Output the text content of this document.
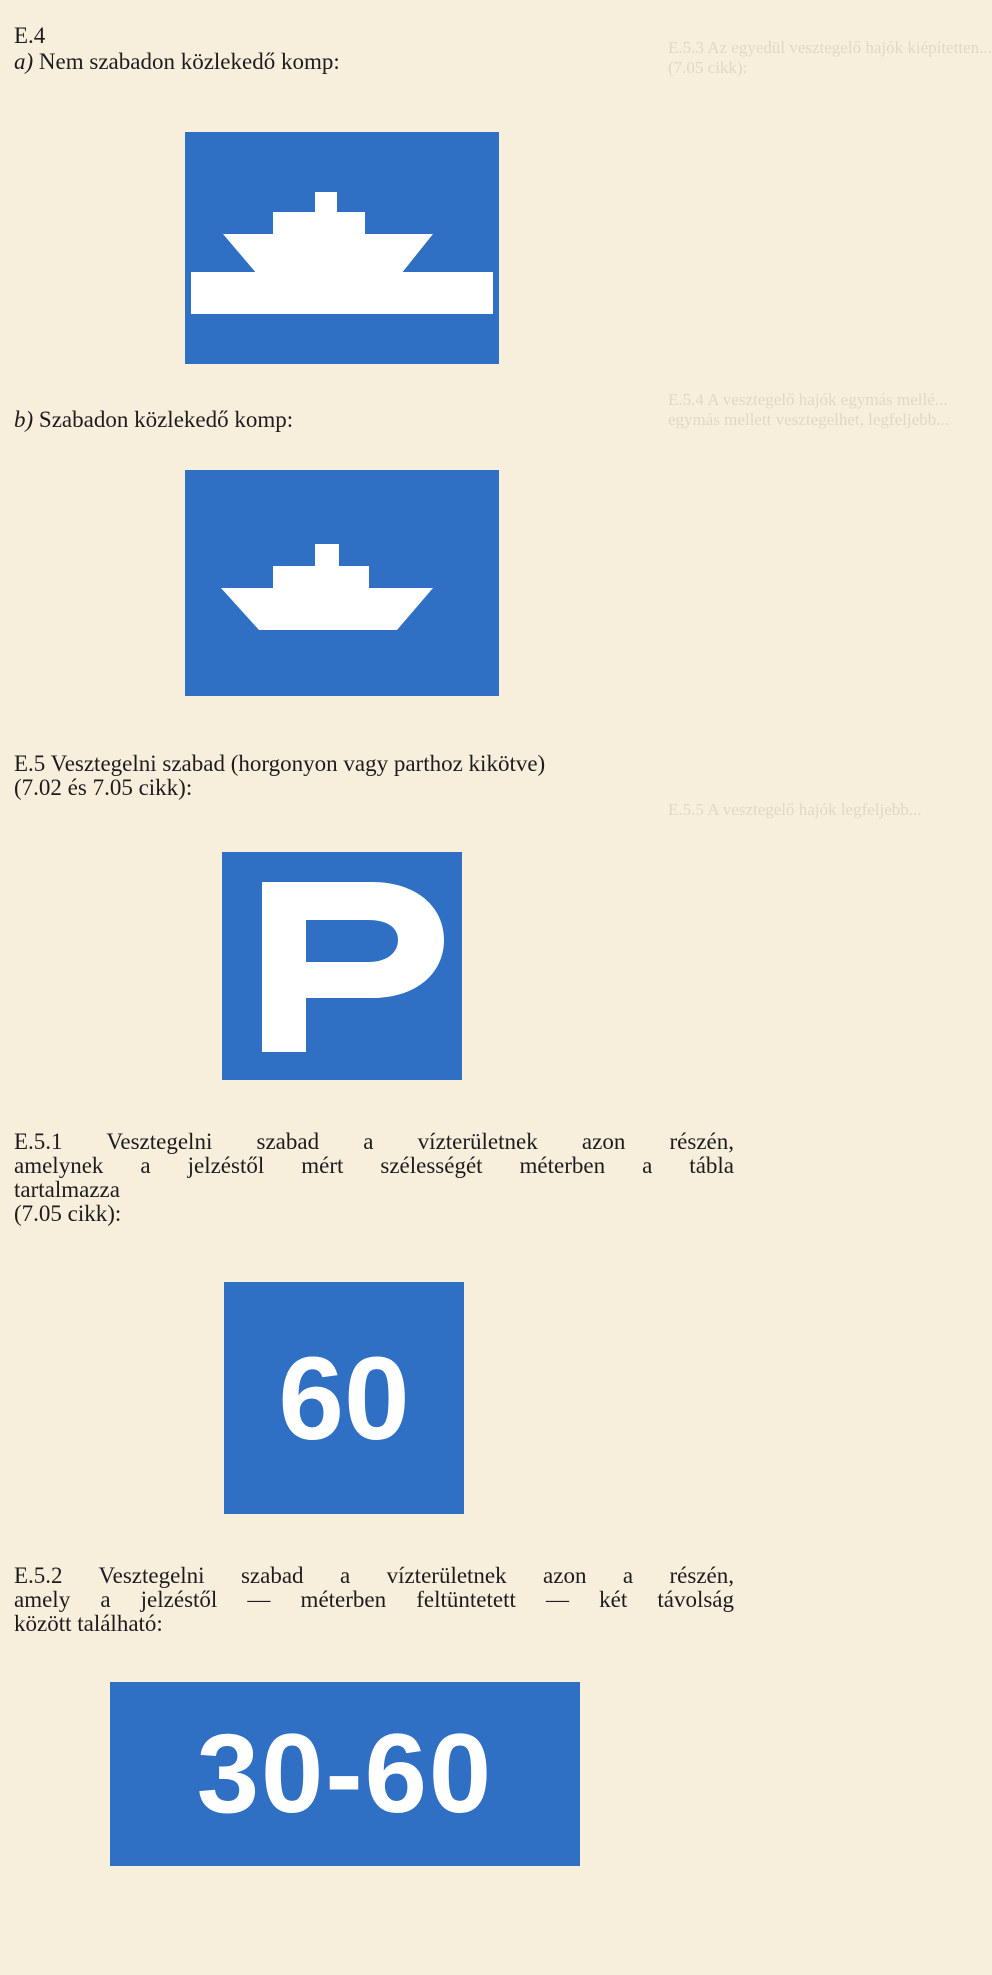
E.5.3 Az egyedül vesztegelő hajók kiépítetten...
(7.05 cikk):
E.4
a) Nem szabadon közlekedő komp:
b) Szabadon közlekedő komp:
E.5.4 A vesztegelő hajók egymás mellé...
egymás mellett vesztegelhet, legfeljebb...
E.5 Vesztegelni szabad (horgonyon vagy parthoz kikötve)
(7.02 és 7.05 cikk):
E.5.5 A vesztegelő hajók legfeljebb...
E.5.1 Vesztegelni szabad a vízterületnek azon részén,
amelynek a jelzéstől mért szélességét méterben a tábla
tartalmazza
(7.05 cikk):
60
E.5.2 Vesztegelni szabad a vízterületnek azon a részén,
amely a jelzéstől — méterben feltüntetett — két távolság
között található:
30-60
